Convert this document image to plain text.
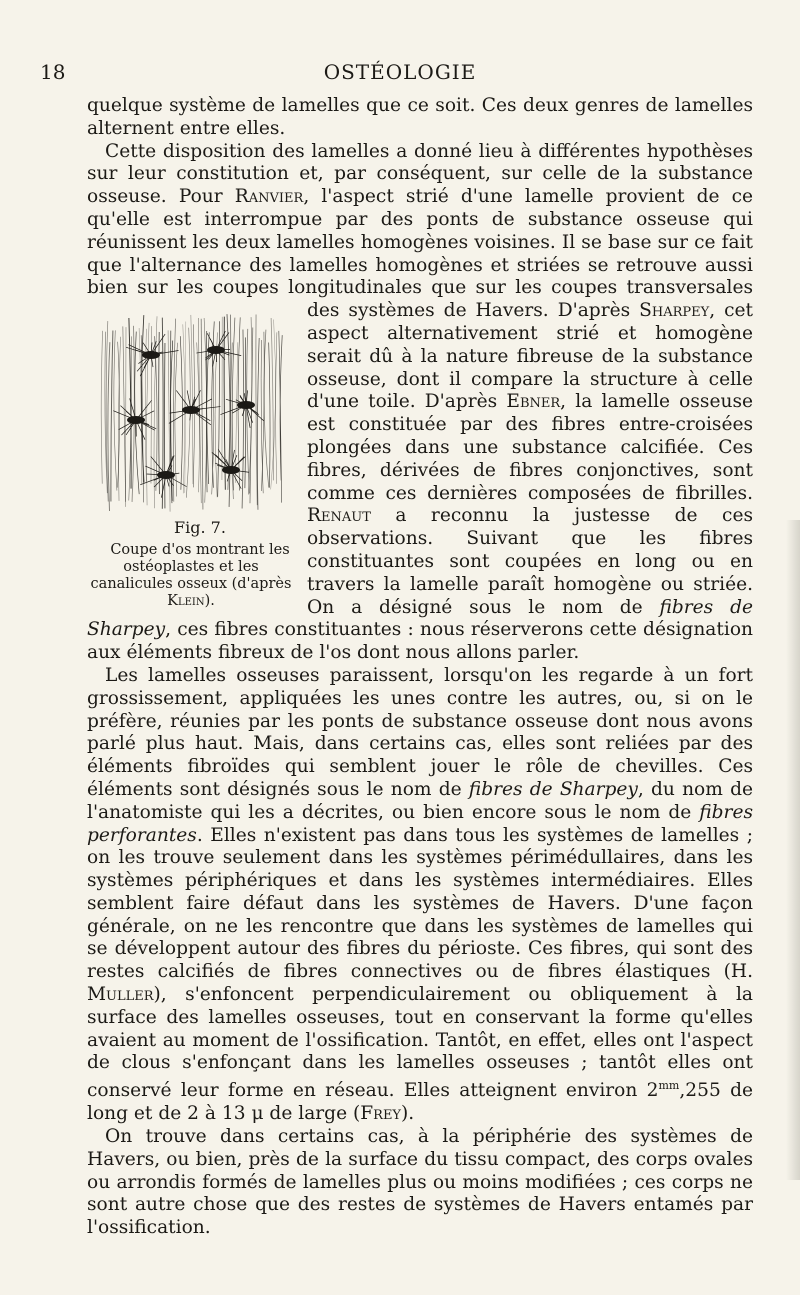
18	OSTÉOLOGIE

quelque système de lamelles que ce soit. Ces deux genres de lamelles alternent entre elles.

Cette disposition des lamelles a donné lieu à différentes hypothèses sur leur constitution et, par conséquent, sur celle de la substance osseuse. Pour Ranvier, l'aspect strié d'une lamelle provient de ce qu'elle est interrompue par des ponts de substance osseuse qui réunissent les deux lamelles homogènes voisines. Il se base sur ce fait que l'alternance des lamelles homogènes et striées se retrouve aussi bien sur les coupes longitudinales que sur les coupes transversales des systèmes de Havers. D'après
Fig. 7.
Coupe d'os montrant les ostéoplastes et les canalicules osseux (d'après Klein).
Sharpey, cet aspect alternativement strié et homogène serait dû à la nature fibreuse de la substance osseuse, dont il compare la structure à celle d'une toile. D'après Ebner, la lamelle osseuse est constituée par des fibres entre-croisées plongées dans une substance calcifiée. Ces fibres, dérivées de fibres conjonctives, sont comme ces dernières composées de fibrilles. Renaut a reconnu la justesse de ces observations. Suivant que les fibres constituantes sont coupées en long ou en travers la lamelle paraît homogène ou striée. On a désigné sous le nom de fibres de Sharpey, ces fibres constituantes : nous réserverons cette désignation aux éléments fibreux de l'os dont nous allons parler.

Les lamelles osseuses paraissent, lorsqu'on les regarde à un fort grossissement, appliquées les unes contre les autres, ou, si on le préfère, réunies par les ponts de substance osseuse dont nous avons parlé plus haut. Mais, dans certains cas, elles sont reliées par des éléments fibroïdes qui semblent jouer le rôle de chevilles. Ces éléments sont désignés sous le nom de fibres de Sharpey, du nom de l'anatomiste qui les a décrites, ou bien encore sous le nom de fibres perforantes. Elles n'existent pas dans tous les systèmes de lamelles ; on les trouve seulement dans les systèmes périmédullaires, dans les systèmes périphériques et dans les systèmes intermédiaires. Elles semblent faire défaut dans les systèmes de Havers. D'une façon générale, on ne les rencontre que dans les systèmes de lamelles qui se développent autour des fibres du périoste. Ces fibres, qui sont des restes calcifiés de fibres connectives ou de fibres élastiques (H. Muller), s'enfoncent perpendiculairement ou obliquement à la surface des lamelles osseuses, tout en conservant la forme qu'elles avaient au moment de l'ossification. Tantôt, en effet, elles ont l'aspect de clous s'enfonçant dans les lamelles osseuses ; tantôt elles ont conservé leur forme en réseau. Elles atteignent environ $2^{mm},255$ de long et de 2 à 13 μ de large (Frey).

On trouve dans certains cas, à la périphérie des systèmes de Havers, ou bien, près de la surface du tissu compact, des corps ovales ou arrondis formés de lamelles plus ou moins modifiées ; ces corps ne sont autre chose que des restes de systèmes de Havers entamés par l'ossification.
